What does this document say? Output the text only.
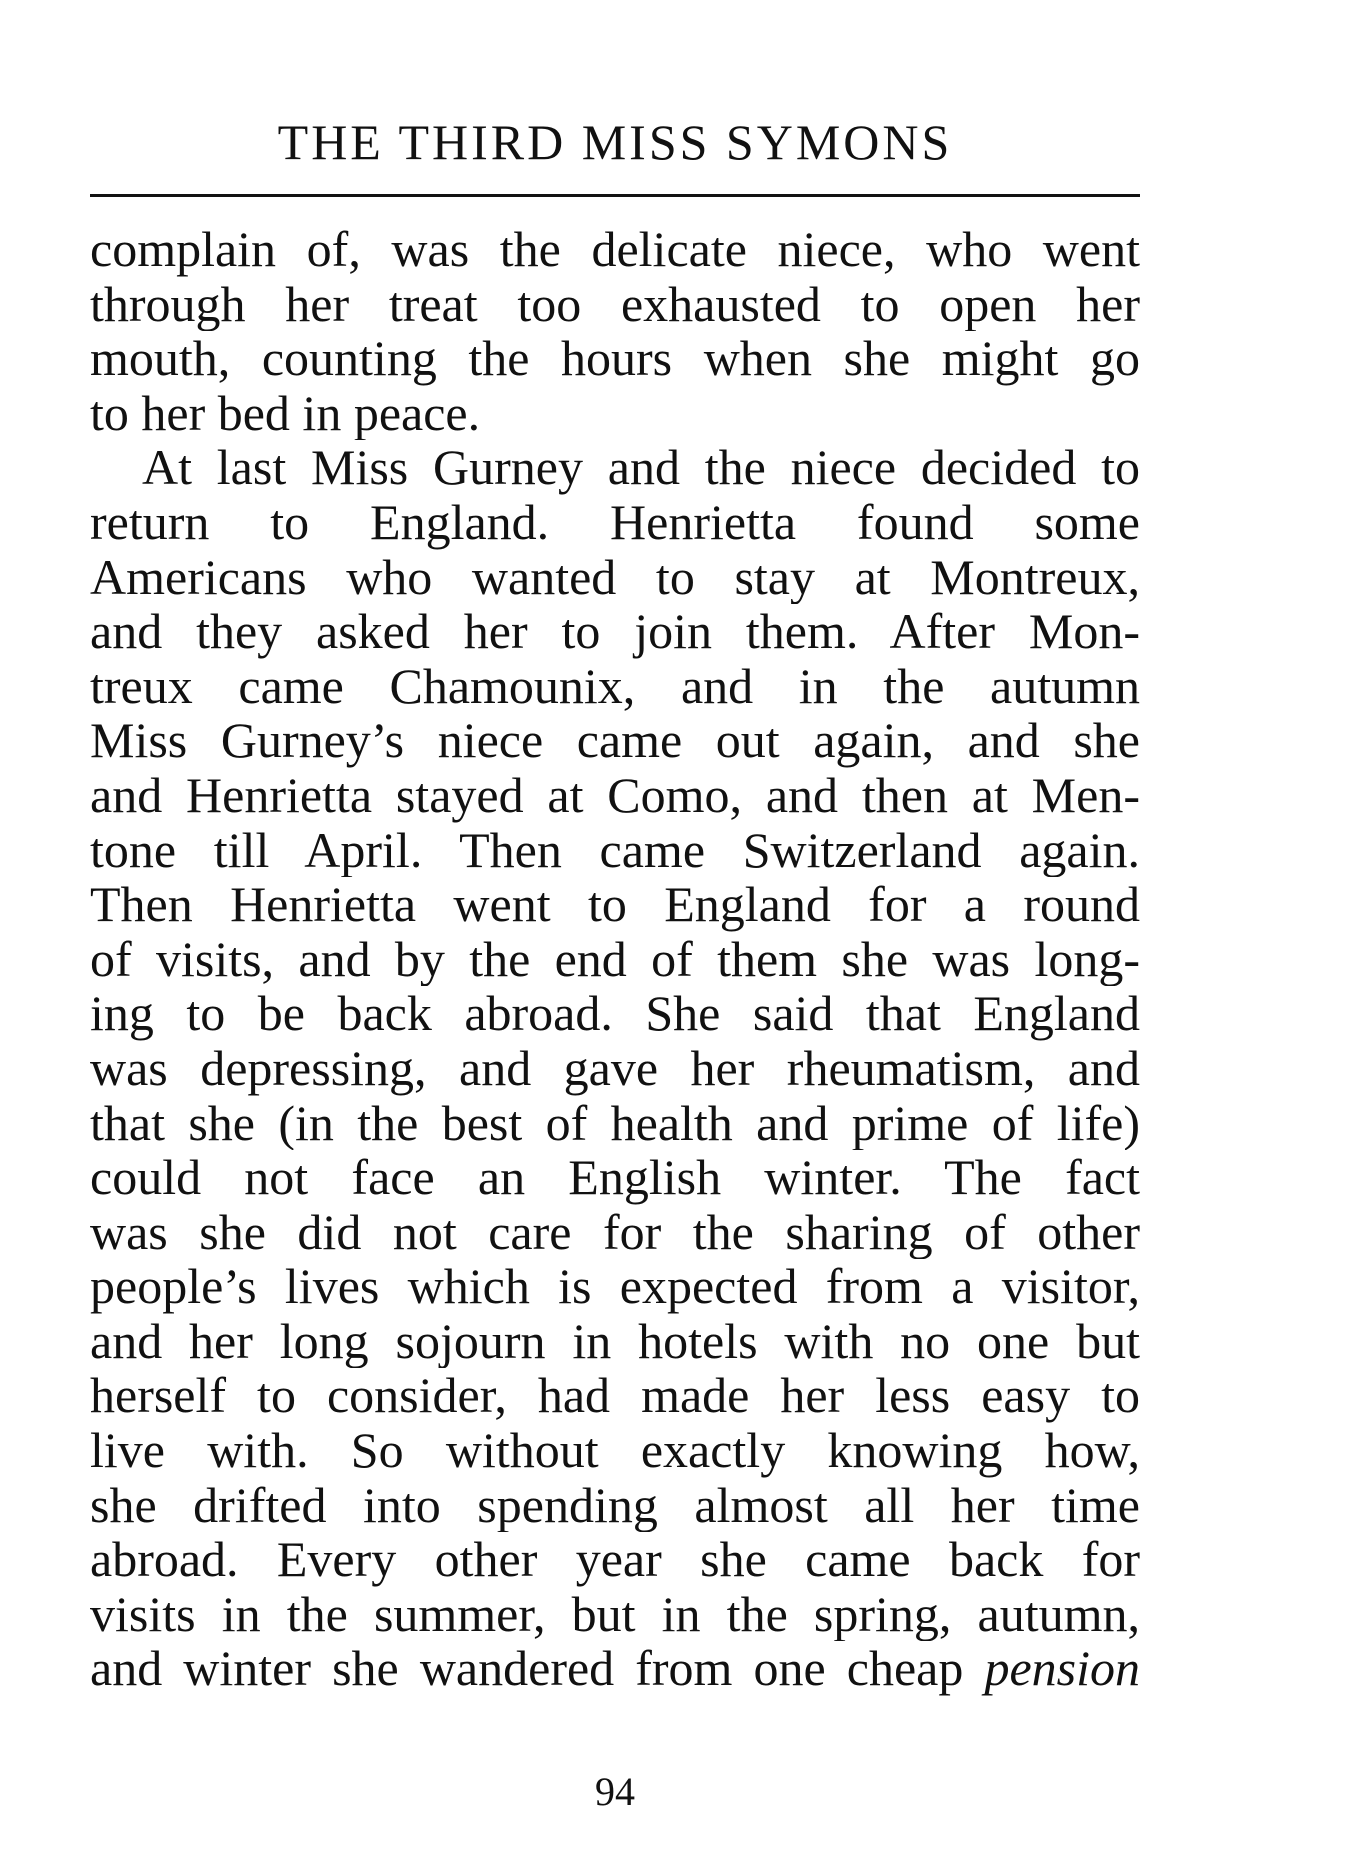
THE THIRD MISS SYMONS
complain of, was the delicate niece, who went
through her treat too exhausted to open her
mouth, counting the hours when she might go
to her bed in peace.
At last Miss Gurney and the niece decided to
return to England. Henrietta found some
Americans who wanted to stay at Montreux,
and they asked her to join them. After Mon-
treux came Chamounix, and in the autumn
Miss Gurney’s niece came out again, and she
and Henrietta stayed at Como, and then at Men-
tone till April. Then came Switzerland again.
Then Henrietta went to England for a round
of visits, and by the end of them she was long-
ing to be back abroad. She said that England
was depressing, and gave her rheumatism, and
that she (in the best of health and prime of life)
could not face an English winter. The fact
was she did not care for the sharing of other
people’s lives which is expected from a visitor,
and her long sojourn in hotels with no one but
herself to consider, had made her less easy to
live with. So without exactly knowing how,
she drifted into spending almost all her time
abroad. Every other year she came back for
visits in the summer, but in the spring, autumn,
and winter she wandered from one cheap pension
94
